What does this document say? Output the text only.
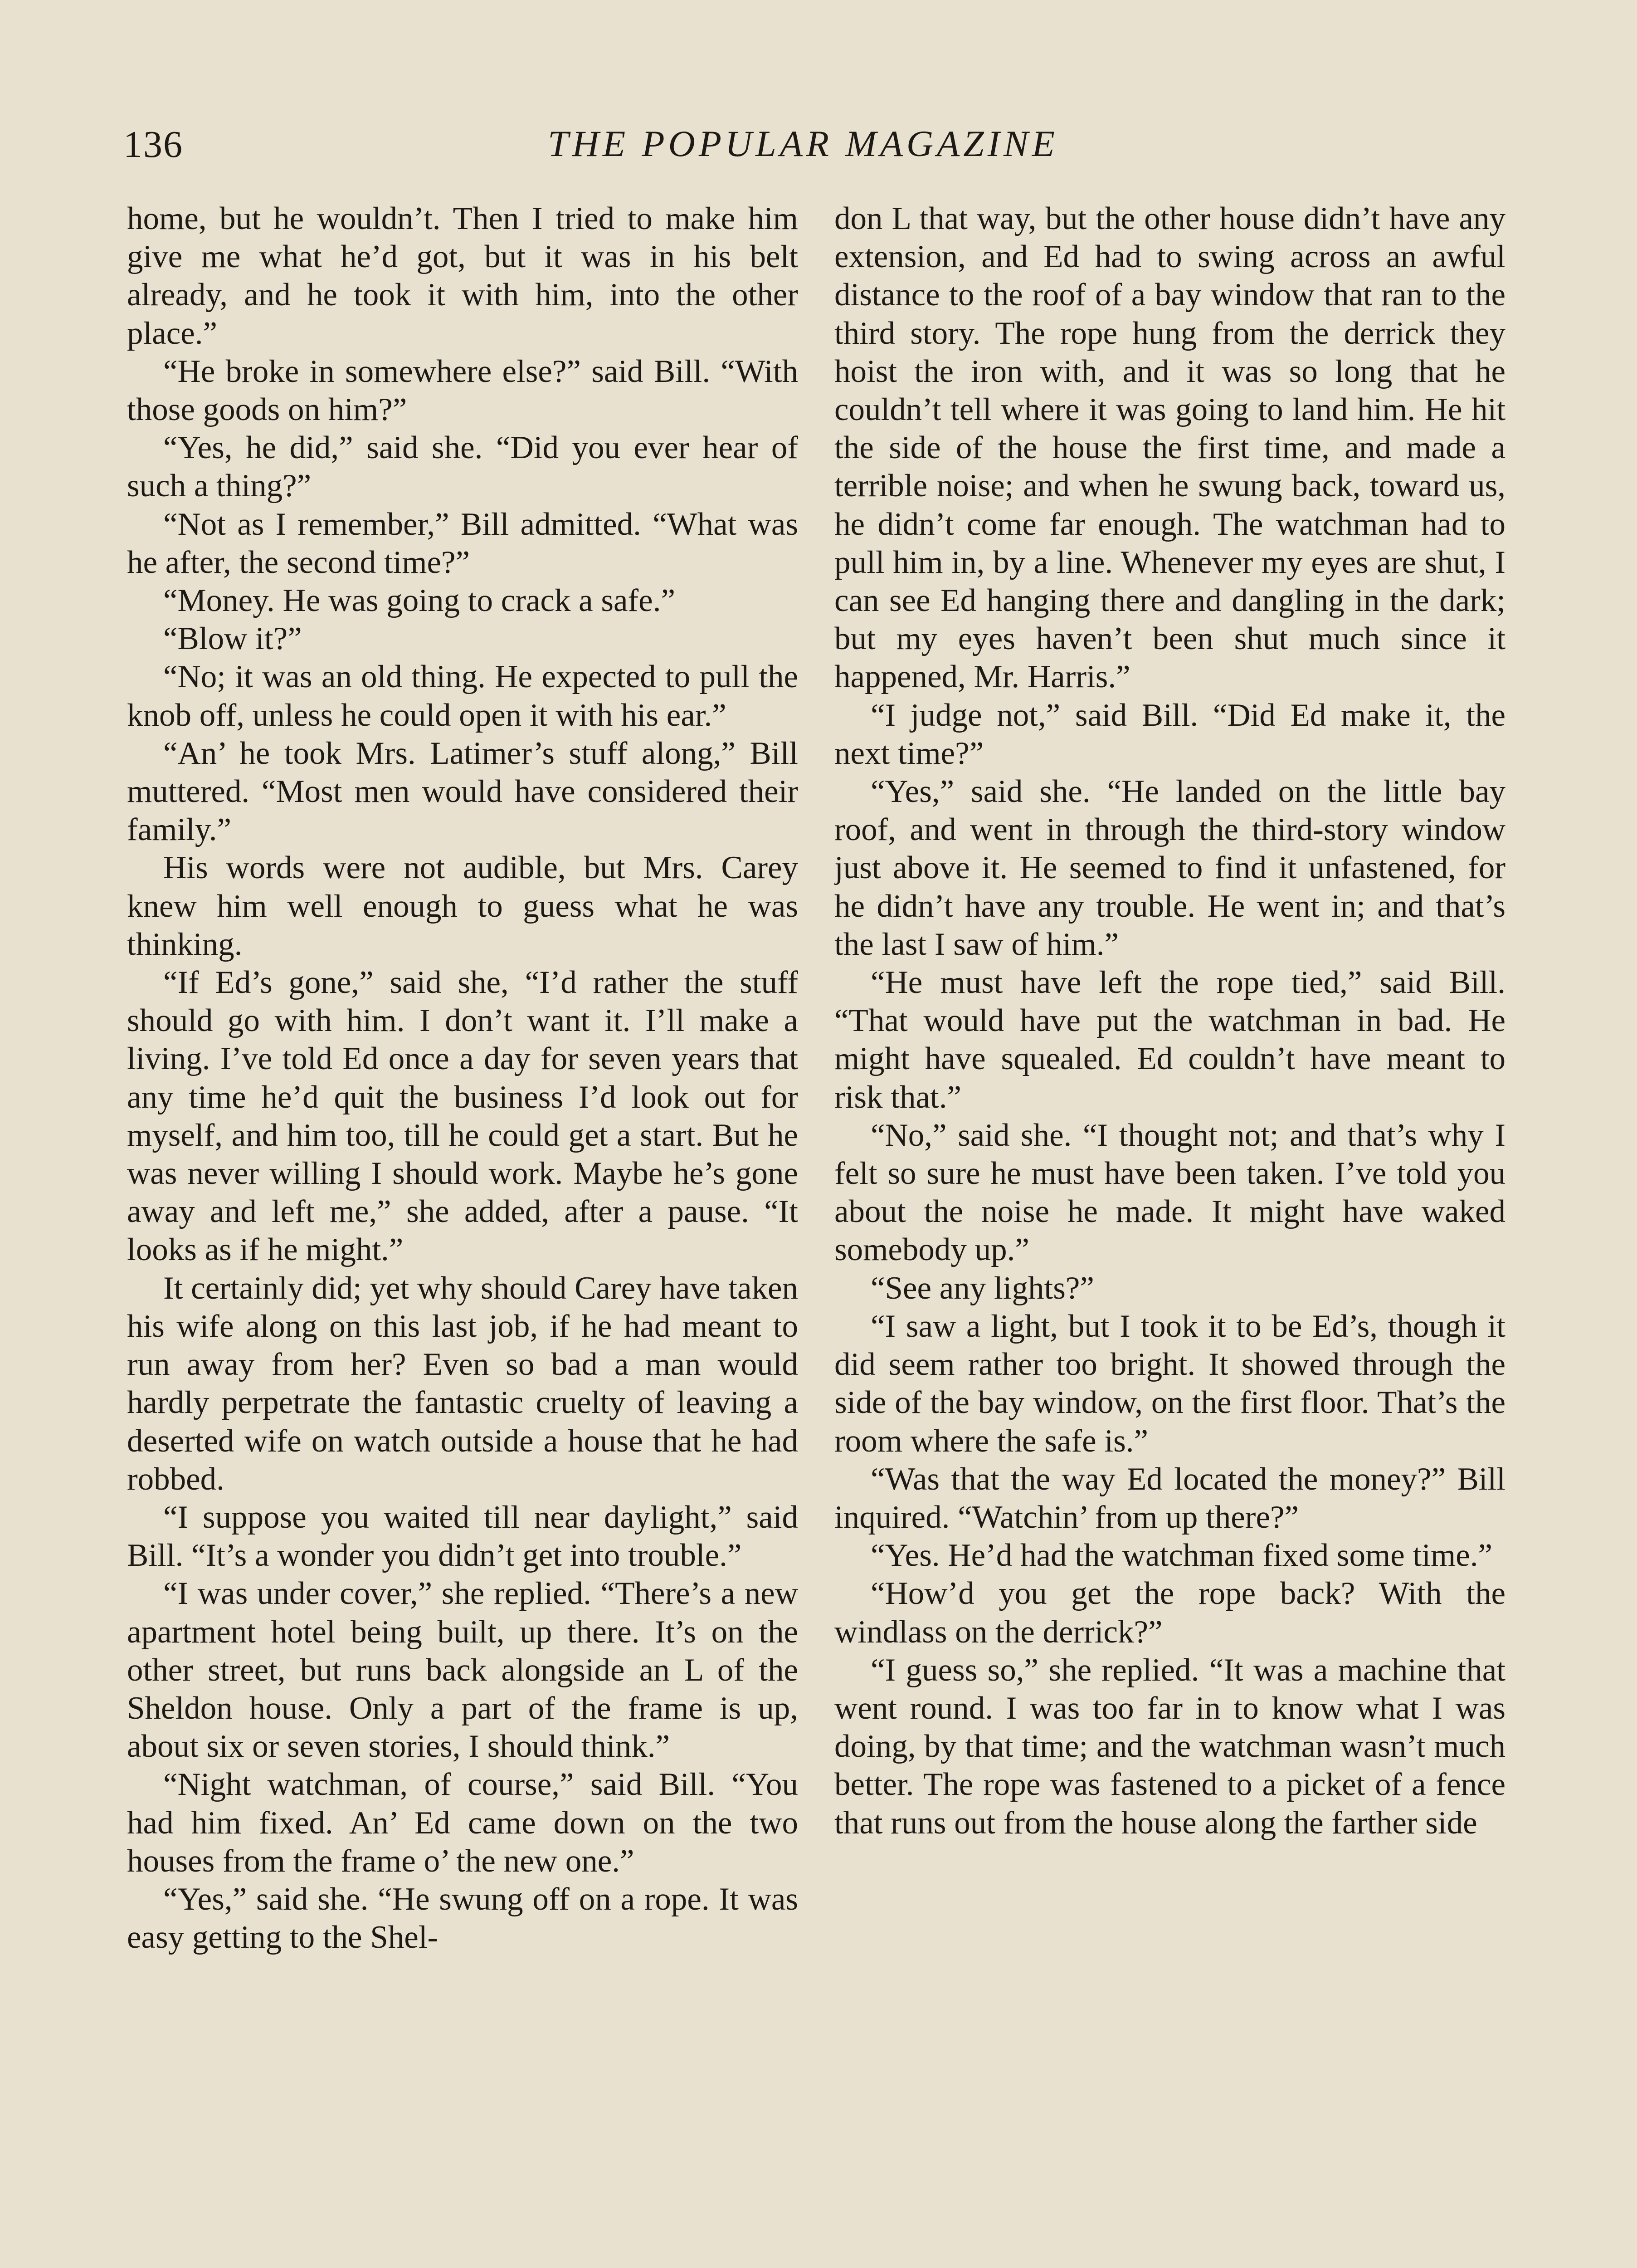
136	THE POPULAR MAGAZINE

home, but he wouldn’t. Then I tried to make him give me what he’d got, but it was in his belt already, and he took it with him, into the other place.”

“He broke in somewhere else?” said Bill. “With those goods on him?”

“Yes, he did,” said she. “Did you ever hear of such a thing?”

“Not as I remember,” Bill admitted. “What was he after, the second time?”

“Money. He was going to crack a safe.”

“Blow it?”

“No; it was an old thing. He expected to pull the knob off, unless he could open it with his ear.”

“An’ he took Mrs. Latimer’s stuff along,” Bill muttered. “Most men would have considered their family.”

His words were not audible, but Mrs. Carey knew him well enough to guess what he was thinking.

“If Ed’s gone,” said she, “I’d rather the stuff should go with him. I don’t want it. I’ll make a living. I’ve told Ed once a day for seven years that any time he’d quit the business I’d look out for myself, and him too, till he could get a start. But he was never willing I should work. Maybe he’s gone away and left me,” she added, after a pause. “It looks as if he might.”

It certainly did; yet why should Carey have taken his wife along on this last job, if he had meant to run away from her? Even so bad a man would hardly perpetrate the fantastic cruelty of leaving a deserted wife on watch outside a house that he had robbed.

“I suppose you waited till near daylight,” said Bill. “It’s a wonder you didn’t get into trouble.”

“I was under cover,” she replied. “There’s a new apartment hotel being built, up there. It’s on the other street, but runs back alongside an L of the Sheldon house. Only a part of the frame is up, about six or seven stories, I should think.”

“Night watchman, of course,” said Bill. “You had him fixed. An’ Ed came down on the two houses from the frame o’ the new one.”

“Yes,” said she. “He swung off on a rope. It was easy getting to the Shel-

don L that way, but the other house didn’t have any extension, and Ed had to swing across an awful distance to the roof of a bay window that ran to the third story. The rope hung from the derrick they hoist the iron with, and it was so long that he couldn’t tell where it was going to land him. He hit the side of the house the first time, and made a terrible noise; and when he swung back, toward us, he didn’t come far enough. The watchman had to pull him in, by a line. Whenever my eyes are shut, I can see Ed hanging there and dangling in the dark; but my eyes haven’t been shut much since it happened, Mr. Harris.”

“I judge not,” said Bill. “Did Ed make it, the next time?”

“Yes,” said she. “He landed on the little bay roof, and went in through the third-story window just above it. He seemed to find it unfastened, for he didn’t have any trouble. He went in; and that’s the last I saw of him.”

“He must have left the rope tied,” said Bill. “That would have put the watchman in bad. He might have squealed. Ed couldn’t have meant to risk that.”

“No,” said she. “I thought not; and that’s why I felt so sure he must have been taken. I’ve told you about the noise he made. It might have waked somebody up.”

“See any lights?”

“I saw a light, but I took it to be Ed’s, though it did seem rather too bright. It showed through the side of the bay window, on the first floor. That’s the room where the safe is.”

“Was that the way Ed located the money?” Bill inquired. “Watchin’ from up there?”

“Yes. He’d had the watchman fixed some time.”

“How’d you get the rope back? With the windlass on the derrick?”

“I guess so,” she replied. “It was a machine that went round. I was too far in to know what I was doing, by that time; and the watchman wasn’t much better. The rope was fastened to a picket of a fence that runs out from the house along the farther side
